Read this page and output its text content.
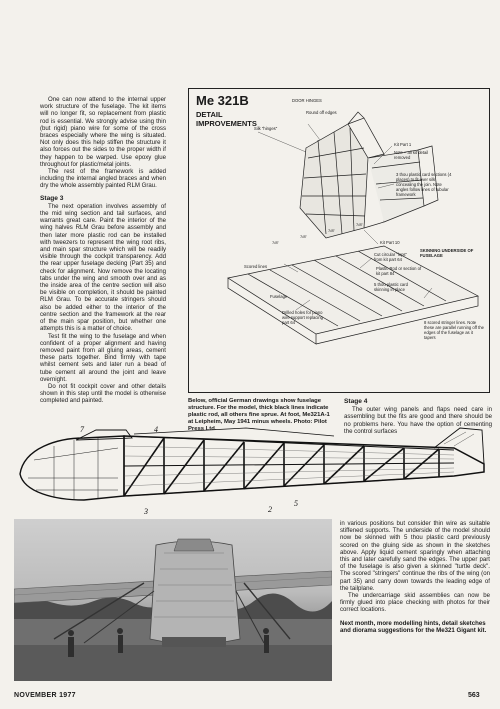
One can now attend to the internal upper work structure of the fuselage. The kit items will no longer fit, so replacement from plastic rod is essential. We strongly advise using thin (but rigid) piano wire for some of the cross braces especially where the wing is situated. Not only does this help stiffen the structure it also forces out the sides to the proper width if they happen to be warped. Use epoxy glue throughout for plastic/metal joints.

The rest of the framework is added including the internal angled braces and when dry the whole assembly painted RLM Grau.

Stage 3

The next operation involves assembly of the mid wing section and tail surfaces, and warrants great care. Paint the interior of the wing halves RLM Grau before assembly and then later more plastic rod can be installed with tweezers to represent the wing root ribs, and main spar structure which will be readily visible through the cockpit transparency. Add the rear upper fuselage decking (Part 35) and check for alignment. Now remove the locating tabs under the wing and smooth over and as the inside area of the centre section will also be visible on completion, it should be painted RLM Grau. To be accurate stringers should also be added either to the interior of the centre section and the framework at the rear of the main spar position, but whether one attempts this is a matter of choice.

Test fit the wing to the fuselage and when confident of a proper alignment and having removed paint from all gluing areas, cement these parts together. Bind firmly with tape whilst cement sets and later run a bead of tube cement all around the joint and leave overnight.

Do not fit cockpit cover and other details shown in this step until the model is otherwise completed and painted.

7/8"
7/8"
7/8"
7/8"
Me 321B
DETAIL IMPROVEMENTS
DOOR HINGES
Round off edges
Silk "hinges"
Kit Part 1
Note – all kit detail removed
3 thou plastic card sections (4 places) to fit over silk concealing the join. Note angles follow lines of tubular framework
Kit Part 10
Cut circular "lops" from kit part 64
SKINNING UNDERSIDE OF FUSELAGE
Plastic Rod or section of kit part 84
Scored lines
5 thou plastic card skinning in place
Fuselage
Drilled holes for piano wire support replacing part 64	8 scored stringer lines. Note these are parallel running off the edges of the fuselage as it tapers
Below, official German drawings show fuselage structure. For the model, thick black lines indicate plastic rod, all others fine sprue. At foot, Me321A-1 at Leipheim, May 1941 minus wheels. Photo: Pilot Press Ltd.
Stage 4

The outer wing panels and flaps need care in assembling but the fits are good and there should be no problems here. You have the option of cementing the control surfaces

7	4
2
5
3

in various positions but consider thin wire as suitable stiffened supports. The underside of the model should now be skinned with 5 thou plastic card previously scored on the gluing side as shown in the sketches above. Apply liquid cement sparingly when attaching this and later carefully sand the edges. The upper part of the fuselage is also given a skinned "turtle deck". The scored "stringers" continue the ribs of the wing (on part 35) and carry down towards the leading edge of the tailplane.

The undercarriage skid assemblies can now be firmly glued into place checking with photos for their correct locations.

Next month, more modelling hints, detail sketches and diorama suggestions for the Me321 Gigant kit.

NOVEMBER 1977	563
